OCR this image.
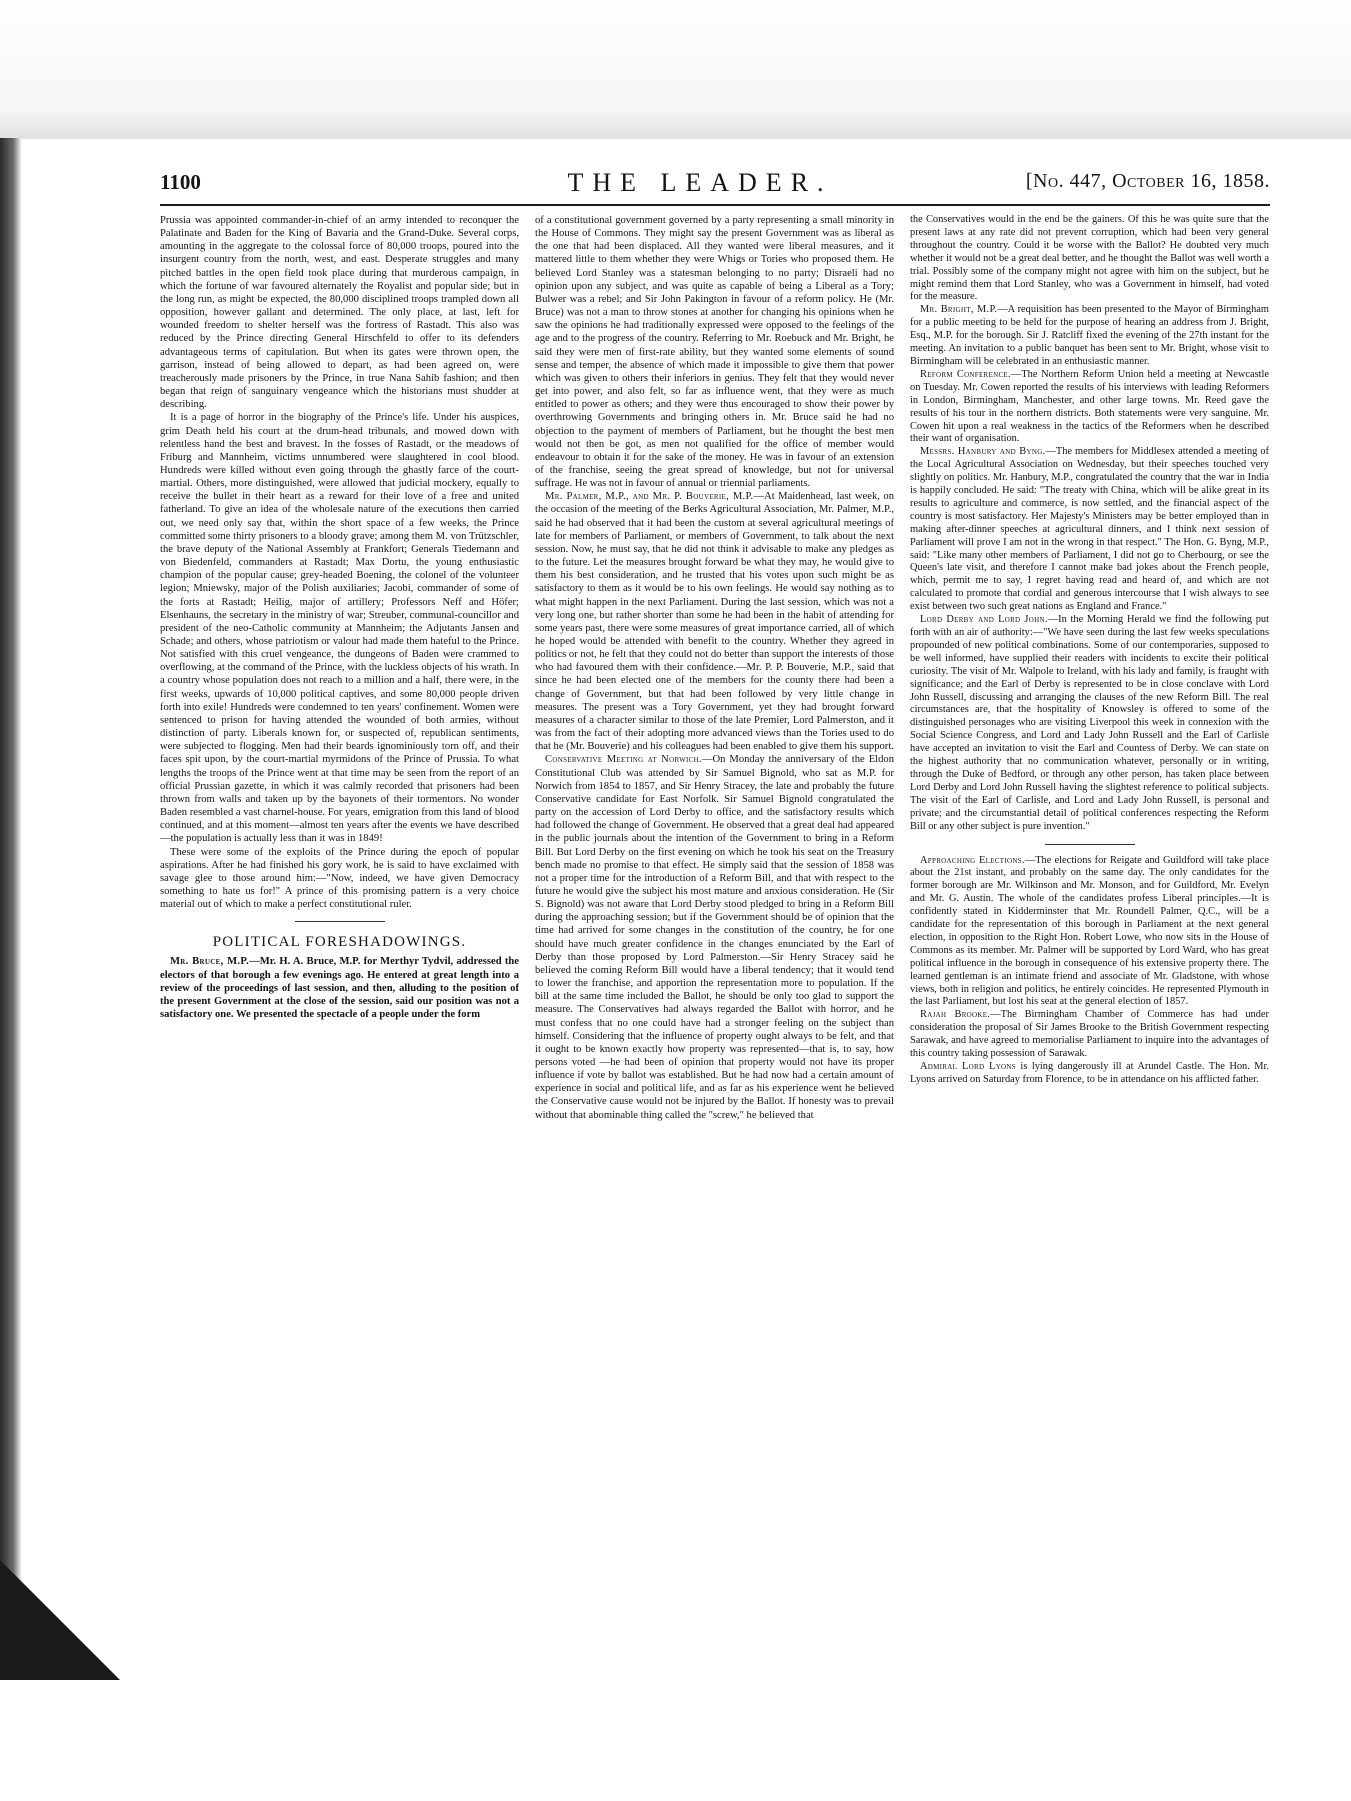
1100	THE LEADER.	[No. 447, October 16, 1858.

Prussia was appointed commander-in-chief of an army intended to reconquer the Palatinate and Baden for the King of Bavaria and the Grand-Duke. Several corps, amounting in the aggregate to the colossal force of 80,000 troops, poured into the insurgent country from the north, west, and east. Desperate struggles and many pitched battles in the open field took place during that murderous campaign, in which the fortune of war favoured alternately the Royalist and popular side; but in the long run, as might be expected, the 80,000 disciplined troops trampled down all opposition, however gallant and determined. The only place, at last, left for wounded freedom to shelter herself was the fortress of Rastadt. This also was reduced by the Prince directing General Hirschfeld to offer to its defenders advantageous terms of capitulation. But when its gates were thrown open, the garrison, instead of being allowed to depart, as had been agreed on, were treacherously made prisoners by the Prince, in true Nana Sahib fashion; and then began that reign of sanguinary vengeance which the historians must shudder at describing.

It is a page of horror in the biography of the Prince's life. Under his auspices, grim Death held his court at the drum-head tribunals, and mowed down with relentless hand the best and bravest. In the fosses of Rastadt, or the meadows of Friburg and Mannheim, victims unnumbered were slaughtered in cool blood. Hundreds were killed without even going through the ghastly farce of the court-martial. Others, more distinguished, were allowed that judicial mockery, equally to receive the bullet in their heart as a reward for their love of a free and united fatherland. To give an idea of the wholesale nature of the executions then carried out, we need only say that, within the short space of a few weeks, the Prince committed some thirty prisoners to a bloody grave; among them M. von Trützschler, the brave deputy of the National Assembly at Frankfort; Generals Tiedemann and von Biedenfeld, commanders at Rastadt; Max Dortu, the young enthusiastic champion of the popular cause; grey-headed Boening, the colonel of the volunteer legion; Mniewsky, major of the Polish auxiliaries; Jacobi, commander of some of the forts at Rastadt; Heilig, major of artillery; Professors Neff and Höfer; Elsenhauns, the secretary in the ministry of war; Streuber, communal-councillor and president of the neo-Catholic community at Mannheim; the Adjutants Jansen and Schade; and others, whose patriotism or valour had made them hateful to the Prince. Not satisfied with this cruel vengeance, the dungeons of Baden were crammed to overflowing, at the command of the Prince, with the luckless objects of his wrath. In a country whose population does not reach to a million and a half, there were, in the first weeks, upwards of 10,000 political captives, and some 80,000 people driven forth into exile! Hundreds were condemned to ten years' confinement. Women were sentenced to prison for having attended the wounded of both armies, without distinction of party. Liberals known for, or suspected of, republican sentiments, were subjected to flogging. Men had their beards ignominiously torn off, and their faces spit upon, by the court-martial myrmidons of the Prince of Prussia. To what lengths the troops of the Prince went at that time may be seen from the report of an official Prussian gazette, in which it was calmly recorded that prisoners had been thrown from walls and taken up by the bayonets of their tormentors. No wonder Baden resembled a vast charnel-house. For years, emigration from this land of blood continued, and at this moment—almost ten years after the events we have described—the population is actually less than it was in 1849!

These were some of the exploits of the Prince during the epoch of popular aspirations. After he had finished his gory work, he is said to have exclaimed with savage glee to those around him:—"Now, indeed, we have given Democracy something to hate us for!" A prince of this promising pattern is a very choice material out of which to make a perfect constitutional ruler.

POLITICAL FORESHADOWINGS.

Mr. Bruce, M.P.—Mr. H. A. Bruce, M.P. for Merthyr Tydvil, addressed the electors of that borough a few evenings ago. He entered at great length into a review of the proceedings of last session, and then, alluding to the position of the present Government at the close of the session, said our position was not a satisfactory one. We presented the spectacle of a people under the form

of a constitutional government governed by a party representing a small minority in the House of Commons. They might say the present Government was as liberal as the one that had been displaced. All they wanted were liberal measures, and it mattered little to them whether they were Whigs or Tories who proposed them. He believed Lord Stanley was a statesman belonging to no party; Disraeli had no opinion upon any subject, and was quite as capable of being a Liberal as a Tory; Bulwer was a rebel; and Sir John Pakington in favour of a reform policy. He (Mr. Bruce) was not a man to throw stones at another for changing his opinions when he saw the opinions he had traditionally expressed were opposed to the feelings of the age and to the progress of the country. Referring to Mr. Roebuck and Mr. Bright, he said they were men of first-rate ability, but they wanted some elements of sound sense and temper, the absence of which made it impossible to give them that power which was given to others their inferiors in genius. They felt that they would never get into power, and also felt, so far as influence went, that they were as much entitled to power as others; and they were thus encouraged to show their power by overthrowing Governments and bringing others in. Mr. Bruce said he had no objection to the payment of members of Parliament, but he thought the best men would not then be got, as men not qualified for the office of member would endeavour to obtain it for the sake of the money. He was in favour of an extension of the franchise, seeing the great spread of knowledge, but not for universal suffrage. He was not in favour of annual or triennial parliaments.

Mr. Palmer, M.P., and Mr. P. Bouverie, M.P.—At Maidenhead, last week, on the occasion of the meeting of the Berks Agricultural Association, Mr. Palmer, M.P., said he had observed that it had been the custom at several agricultural meetings of late for members of Parliament, or members of Government, to talk about the next session. Now, he must say, that he did not think it advisable to make any pledges as to the future. Let the measures brought forward be what they may, he would give to them his best consideration, and he trusted that his votes upon such might be as satisfactory to them as it would be to his own feelings. He would say nothing as to what might happen in the next Parliament. During the last session, which was not a very long one, but rather shorter than some he had been in the habit of attending for some years past, there were some measures of great importance carried, all of which he hoped would be attended with benefit to the country. Whether they agreed in politics or not, he felt that they could not do better than support the interests of those who had favoured them with their confidence.—Mr. P. P. Bouverie, M.P., said that since he had been elected one of the members for the county there had been a change of Government, but that had been followed by very little change in measures. The present was a Tory Government, yet they had brought forward measures of a character similar to those of the late Premier, Lord Palmerston, and it was from the fact of their adopting more advanced views than the Tories used to do that he (Mr. Bouverie) and his colleagues had been enabled to give them his support.

Conservative Meeting at Norwich.—On Monday the anniversary of the Eldon Constitutional Club was attended by Sir Samuel Bignold, who sat as M.P. for Norwich from 1854 to 1857, and Sir Henry Stracey, the late and probably the future Conservative candidate for East Norfolk. Sir Samuel Bignold congratulated the party on the accession of Lord Derby to office, and the satisfactory results which had followed the change of Government. He observed that a great deal had appeared in the public journals about the intention of the Government to bring in a Reform Bill. But Lord Derby on the first evening on which he took his seat on the Treasury bench made no promise to that effect. He simply said that the session of 1858 was not a proper time for the introduction of a Reform Bill, and that with respect to the future he would give the subject his most mature and anxious consideration. He (Sir S. Bignold) was not aware that Lord Derby stood pledged to bring in a Reform Bill during the approaching session; but if the Government should be of opinion that the time had arrived for some changes in the constitution of the country, he for one should have much greater confidence in the changes enunciated by the Earl of Derby than those proposed by Lord Palmerston.—Sir Henry Stracey said he believed the coming Reform Bill would have a liberal tendency; that it would tend to lower the franchise, and apportion the representation more to population. If the bill at the same time included the Ballot, he should be only too glad to support the measure. The Conservatives had always regarded the Ballot with horror, and he must confess that no one could have had a stronger feeling on the subject than himself. Considering that the influence of property ought always to be felt, and that it ought to be known exactly how property was represented—that is, to say, how persons voted —he had been of opinion that property would not have its proper influence if vote by ballot was established. But he had now had a certain amount of experience in social and political life, and as far as his experience went he believed the Conservative cause would not be injured by the Ballot. If honesty was to prevail without that abominable thing called the "screw," he believed that

the Conservatives would in the end be the gainers. Of this he was quite sure that the present laws at any rate did not prevent corruption, which had been very general throughout the country. Could it be worse with the Ballot? He doubted very much whether it would not be a great deal better, and he thought the Ballot was well worth a trial. Possibly some of the company might not agree with him on the subject, but he might remind them that Lord Stanley, who was a Government in himself, had voted for the measure.

Mr. Bright, M.P.—A requisition has been presented to the Mayor of Birmingham for a public meeting to be held for the purpose of hearing an address from J. Bright, Esq., M.P. for the borough. Sir J. Ratcliff fixed the evening of the 27th instant for the meeting. An invitation to a public banquet has been sent to Mr. Bright, whose visit to Birmingham will be celebrated in an enthusiastic manner.

Reform Conference.—The Northern Reform Union held a meeting at Newcastle on Tuesday. Mr. Cowen reported the results of his interviews with leading Reformers in London, Birmingham, Manchester, and other large towns. Mr. Reed gave the results of his tour in the northern districts. Both statements were very sanguine. Mr. Cowen hit upon a real weakness in the tactics of the Reformers when he described their want of organisation.

Messrs. Hanbury and Byng.—The members for Middlesex attended a meeting of the Local Agricultural Association on Wednesday, but their speeches touched very slightly on politics. Mr. Hanbury, M.P., congratulated the country that the war in India is happily concluded. He said: "The treaty with China, which will be alike great in its results to agriculture and commerce, is now settled, and the financial aspect of the country is most satisfactory. Her Majesty's Ministers may be better employed than in making after-dinner speeches at agricultural dinners, and I think next session of Parliament will prove I am not in the wrong in that respect." The Hon. G. Byng, M.P., said: "Like many other members of Parliament, I did not go to Cherbourg, or see the Queen's late visit, and therefore I cannot make bad jokes about the French people, which, permit me to say, I regret having read and heard of, and which are not calculated to promote that cordial and generous intercourse that I wish always to see exist between two such great nations as England and France."

Lord Derby and Lord John.—In the Morning Herald we find the following put forth with an air of authority:—"We have seen during the last few weeks speculations propounded of new political combinations. Some of our contemporaries, supposed to be well informed, have supplied their readers with incidents to excite their political curiosity. The visit of Mr. Walpole to Ireland, with his lady and family, is fraught with significance; and the Earl of Derby is represented to be in close conclave with Lord John Russell, discussing and arranging the clauses of the new Reform Bill. The real circumstances are, that the hospitality of Knowsley is offered to some of the distinguished personages who are visiting Liverpool this week in connexion with the Social Science Congress, and Lord and Lady John Russell and the Earl of Carlisle have accepted an invitation to visit the Earl and Countess of Derby. We can state on the highest authority that no communication whatever, personally or in writing, through the Duke of Bedford, or through any other person, has taken place between Lord Derby and Lord John Russell having the slightest reference to political subjects. The visit of the Earl of Carlisle, and Lord and Lady John Russell, is personal and private; and the circumstantial detail of political conferences respecting the Reform Bill or any other subject is pure invention."

Approaching Elections.—The elections for Reigate and Guildford will take place about the 21st instant, and probably on the same day. The only candidates for the former borough are Mr. Wilkinson and Mr. Monson, and for Guildford, Mr. Evelyn and Mr. G. Austin. The whole of the candidates profess Liberal principles.—It is confidently stated in Kidderminster that Mr. Roundell Palmer, Q.C., will be a candidate for the representation of this borough in Parliament at the next general election, in opposition to the Right Hon. Robert Lowe, who now sits in the House of Commons as its member. Mr. Palmer will be supported by Lord Ward, who has great political influence in the borough in consequence of his extensive property there. The learned gentleman is an intimate friend and associate of Mr. Gladstone, with whose views, both in religion and politics, he entirely coincides. He represented Plymouth in the last Parliament, but lost his seat at the general election of 1857.

Rajah Brooke.—The Birmingham Chamber of Commerce has had under consideration the proposal of Sir James Brooke to the British Government respecting Sarawak, and have agreed to memorialise Parliament to inquire into the advantages of this country taking possession of Sarawak.

Admiral Lord Lyons is lying dangerously ill at Arundel Castle. The Hon. Mr. Lyons arrived on Saturday from Florence, to be in attendance on his afflicted father.
